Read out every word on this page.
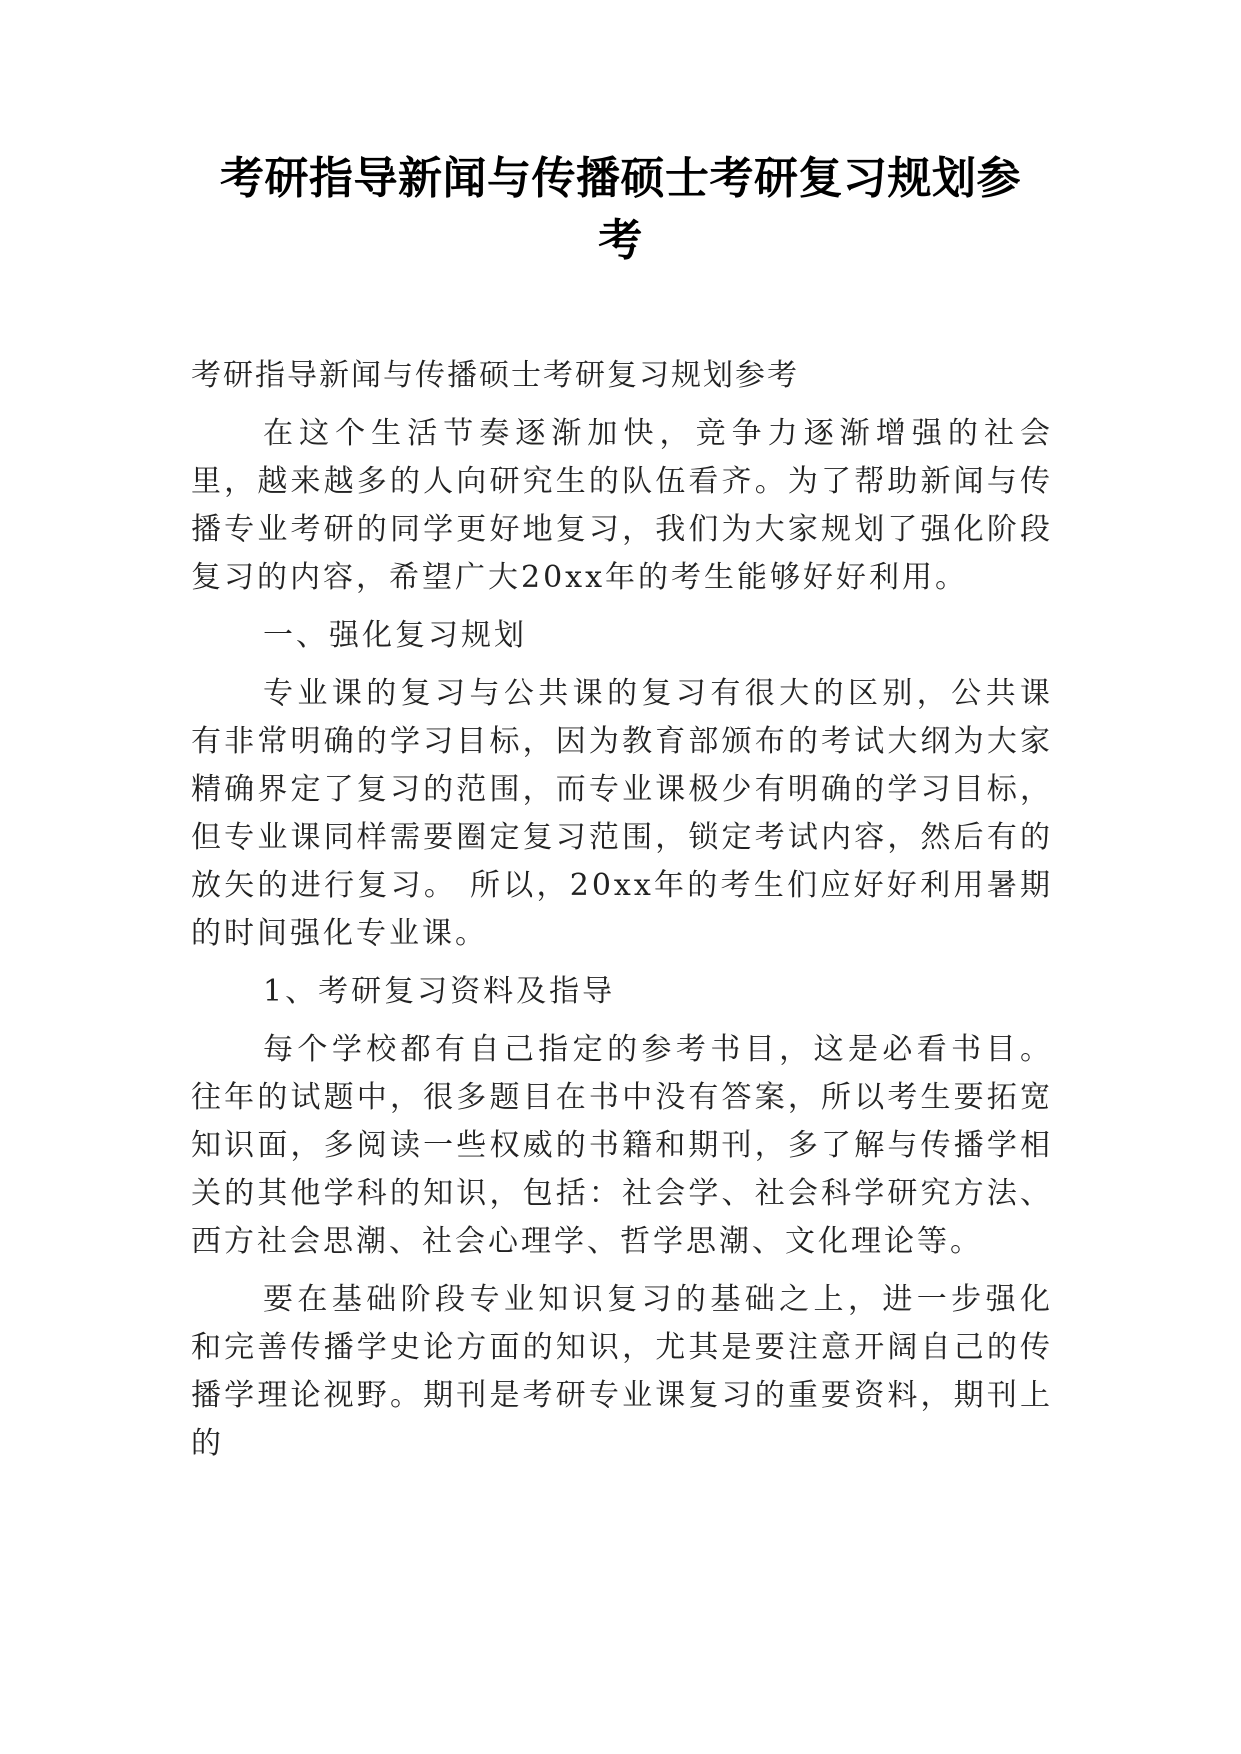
考研指导新闻与传播硕士考研复习规划参
考

考研指导新闻与传播硕士考研复习规划参考

在这个生活节奏逐渐加快，竞争力逐渐增强的社会里，越来越多的人向研究生的队伍看齐。为了帮助新闻与传播专业考研的同学更好地复习，我们为大家规划了强化阶段复习的内容，希望广大20xx年的考生能够好好利用。

一、强化复习规划

专业课的复习与公共课的复习有很大的区别，公共课有非常明确的学习目标，因为教育部颁布的考试大纲为大家精确界定了复习的范围，而专业课极少有明确的学习目标，但专业课同样需要圈定复习范围，锁定考试内容，然后有的放矢的进行复习。 所以，20xx年的考生们应好好利用暑期的时间强化专业课。

1、考研复习资料及指导

每个学校都有自己指定的参考书目，这是必看书目。往年的试题中，很多题目在书中没有答案，所以考生要拓宽知识面，多阅读一些权威的书籍和期刊，多了解与传播学相关的其他学科的知识，包括：社会学、社会科学研究方法、西方社会思潮、社会心理学、哲学思潮、文化理论等。

要在基础阶段专业知识复习的基础之上，进一步强化和完善传播学史论方面的知识，尤其是要注意开阔自己的传播学理论视野。期刊是考研专业课复习的重要资料，期刊上的
